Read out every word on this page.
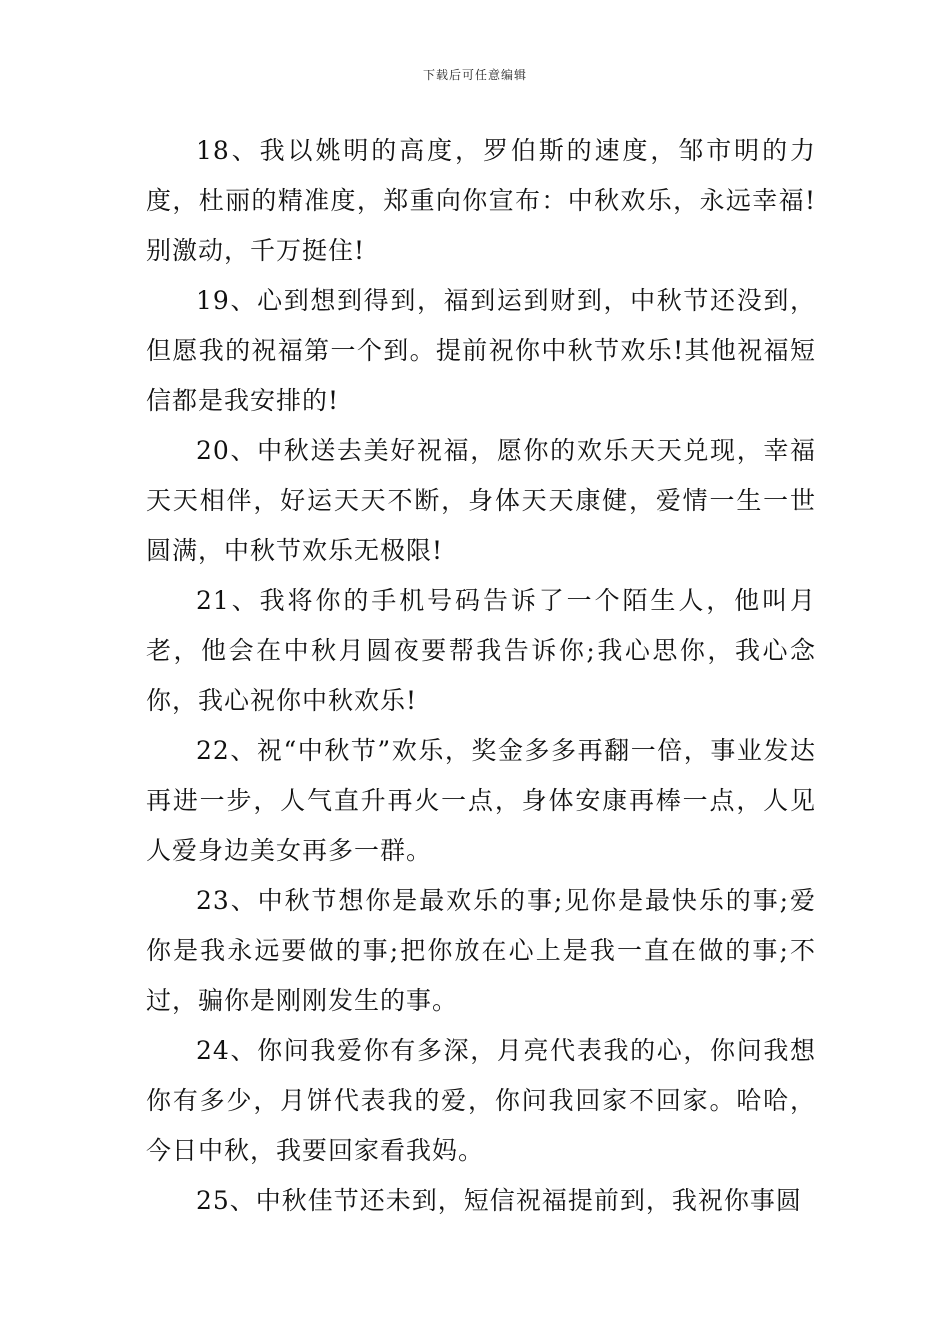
下载后可任意编辑

18、我以姚明的高度，罗伯斯的速度，邹市明的力度，杜丽的精准度，郑重向你宣布：中秋欢乐，永远幸福!别激动，千万挺住!

19、心到想到得到，福到运到财到，中秋节还没到，但愿我的祝福第一个到。提前祝你中秋节欢乐!其他祝福短信都是我安排的!

20、中秋送去美好祝福，愿你的欢乐天天兑现，幸福天天相伴，好运天天不断，身体天天康健，爱情一生一世圆满，中秋节欢乐无极限!

21、我将你的手机号码告诉了一个陌生人，他叫月老，他会在中秋月圆夜要帮我告诉你;我心思你，我心念你，我心祝你中秋欢乐!

22、祝“中秋节”欢乐，奖金多多再翻一倍，事业发达再进一步，人气直升再火一点，身体安康再棒一点，人见人爱身边美女再多一群。

23、中秋节想你是最欢乐的事;见你是最快乐的事;爱你是我永远要做的事;把你放在心上是我一直在做的事;不过，骗你是刚刚发生的事。

24、你问我爱你有多深，月亮代表我的心，你问我想你有多少，月饼代表我的爱，你问我回家不回家。哈哈，今日中秋，我要回家看我妈。

25、中秋佳节还未到，短信祝福提前到，我祝你事圆
